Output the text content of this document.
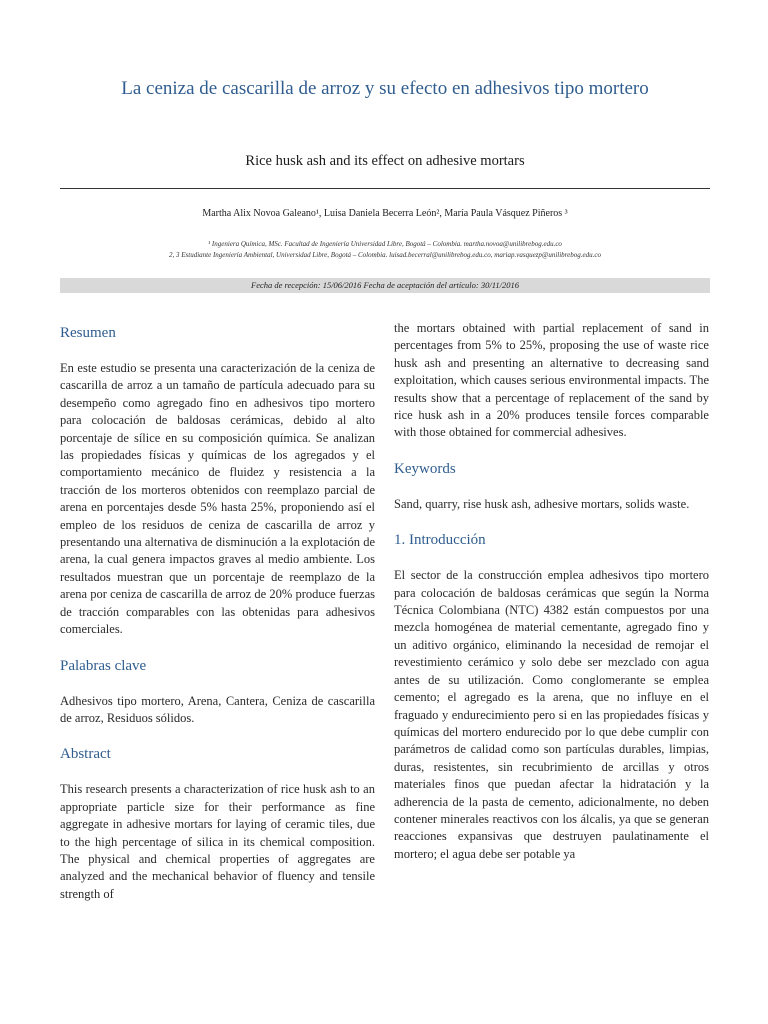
La ceniza de cascarilla de arroz y su efecto en adhesivos tipo mortero
Rice husk ash and its effect on adhesive mortars
Martha Alix Novoa Galeano¹, Luisa Daniela Becerra León², María Paula Vásquez Piñeros ³
¹ Ingeniera Química, MSc. Facultad de Ingeniería Universidad Libre, Bogotá – Colombia. martha.novoa@unilibrebog.edu.co
2, 3 Estudiante Ingeniería Ambiental, Universidad Libre, Bogotá – Colombia. luisad.becerral@unilibrebog.edu.co, mariap.vasquezp@unilibrebog.edu.co
Fecha de recepción: 15/06/2016 Fecha de aceptación del artículo: 30/11/2016
Resumen

En este estudio se presenta una caracterización de la ceniza de cascarilla de arroz a un tamaño de partícula adecuado para su desempeño como agregado fino en adhesivos tipo mortero para colocación de baldosas cerámicas, debido al alto porcentaje de sílice en su composición química. Se analizan las propiedades físicas y químicas de los agregados y el comportamiento mecánico de fluidez y resistencia a la tracción de los morteros obtenidos con reemplazo parcial de arena en porcentajes desde 5% hasta 25%, proponiendo así el empleo de los residuos de ceniza de cascarilla de arroz y presentando una alternativa de disminución a la explotación de arena, la cual genera impactos graves al medio ambiente. Los resultados muestran que un porcentaje de reemplazo de la arena por ceniza de cascarilla de arroz de 20% produce fuerzas de tracción comparables con las obtenidas para adhesivos comerciales.

Palabras clave

Adhesivos tipo mortero, Arena, Cantera, Ceniza de cascarilla de arroz, Residuos sólidos.

Abstract

This research presents a characterization of rice husk ash to an appropriate particle size for their performance as fine aggregate in adhesive mortars for laying of ceramic tiles, due to the high percentage of silica in its chemical composition. The physical and chemical properties of aggregates are analyzed and the mechanical behavior of fluency and tensile strength of

the mortars obtained with partial replacement of sand in percentages from 5% to 25%, proposing the use of waste rice husk ash and presenting an alternative to decreasing sand exploitation, which causes serious environmental impacts. The results show that a percentage of replacement of the sand by rice husk ash in a 20% produces tensile forces comparable with those obtained for commercial adhesives.

Keywords

Sand, quarry, rise husk ash, adhesive mortars, solids waste.

1. Introducción

El sector de la construcción emplea adhesivos tipo mortero para colocación de baldosas cerámicas que según la Norma Técnica Colombiana (NTC) 4382 están compuestos por una mezcla homogénea de material cementante, agregado fino y un aditivo orgánico, eliminando la necesidad de remojar el revestimiento cerámico y solo debe ser mezclado con agua antes de su utilización. Como conglomerante se emplea cemento; el agregado es la arena, que no influye en el fraguado y endurecimiento pero si en las propiedades físicas y químicas del mortero endurecido por lo que debe cumplir con parámetros de calidad como son partículas durables, limpias, duras, resistentes, sin recubrimiento de arcillas y otros materiales finos que puedan afectar la hidratación y la adherencia de la pasta de cemento, adicionalmente, no deben contener minerales reactivos con los álcalis, ya que se generan reacciones expansivas que destruyen paulatinamente el mortero; el agua debe ser potable ya
